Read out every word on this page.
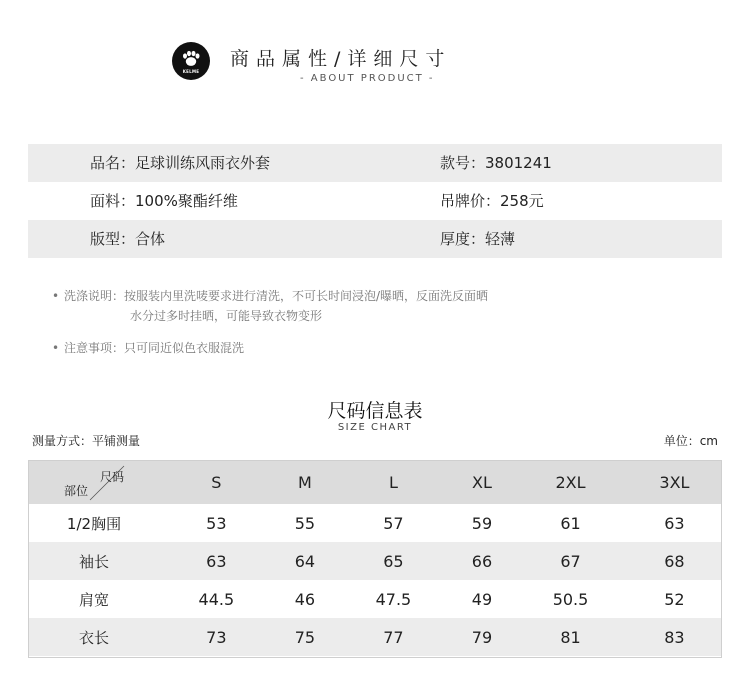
KELME
商品属性/详细尺寸
- ABOUT PRODUCT -
品名：足球训练风雨衣外套	款号：3801241
面料：100%聚酯纤维	吊牌价：258元
版型：合体	厚度：轻薄
• 洗涤说明：按服装内里洗唛要求进行清洗，不可长时间浸泡/曝晒，反面洗反面晒
水分过多时挂晒，可能导致衣物变形
• 注意事项：只可同近似色衣服混洗
尺码信息表
SIZE CHART
测量方式：平铺测量	单位：cm
尺码
部位	S	M	L	XL	2XL	3XL
1/2胸围	53	55	57	59	61	63
袖长	63	64	65	66	67	68
肩宽	44.5	46	47.5	49	50.5	52
衣长	73	75	77	79	81	83
